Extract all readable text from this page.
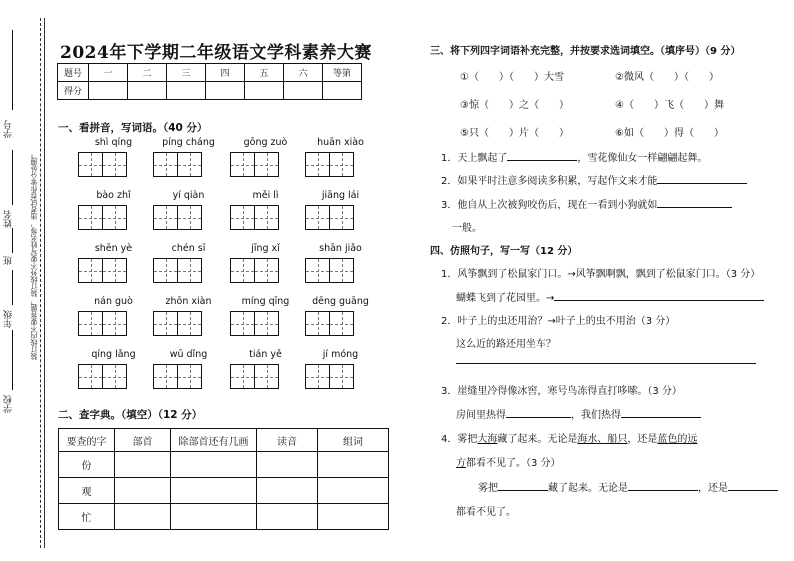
学号
姓名
班
年级
学校
装订线内不要答题，装订线外不要写姓名等，违者试卷作零分处理。
2024年下学期二年级语文学科素养大赛
题号	一	二	三	四	五	六	等第
得分							
一、看拼音，写词语。（40 分）
shì qíng	píng cháng	gōng zuò	huān xiào
bào zhǐ	yí qiàn	měi lì	jiāng lái
shēn yè	chén sī	jīng xǐ	shān jiǎo
nán guò	zhōn xiàn	míng qīng	dēng guāng
qíng lǎng	wū dǐng	tián yě	jí móng
二、查字典。（填空）（12 分）
要查的字	部首	除部首还有几画	读音	组词
份				
观				
忙				
三、将下列四字词语补充完整，并按要求选词填空。（填序号）（9 分）
①（　　）（　　）大雪	②微风（　　）（　　）
③惊（　　）之（　　）	④（　　）飞（　　）舞
⑤只（　　）片（　　）	⑥如（　　）得（　　）
1．天上飘起了	，雪花像仙女一样翩翩起舞。
2．如果平时注意多阅读多积累，写起作文来才能
3．他自从上次被狗咬伤后，现在一看到小狗就如
一般。
四、仿照句子，写一写（12 分）
1．风筝飘到了松鼠家门口。→风筝飘啊飘，飘到了松鼠家门口。（3 分）
蝴蝶飞到了花园里。→
2．叶子上的虫还用治？→叶子上的虫不用治（3 分）
这么近的路还用坐车？
3．崖缝里冷得像冰窖，寒号鸟冻得直打哆嗦。（3 分）
房间里热得	，我们热得
4．雾把大海藏了起来。无论是海水、船只，还是蓝色的远
方都看不见了。（3 分）
雾把	藏了起来。无论是	，还是
都看不见了。
